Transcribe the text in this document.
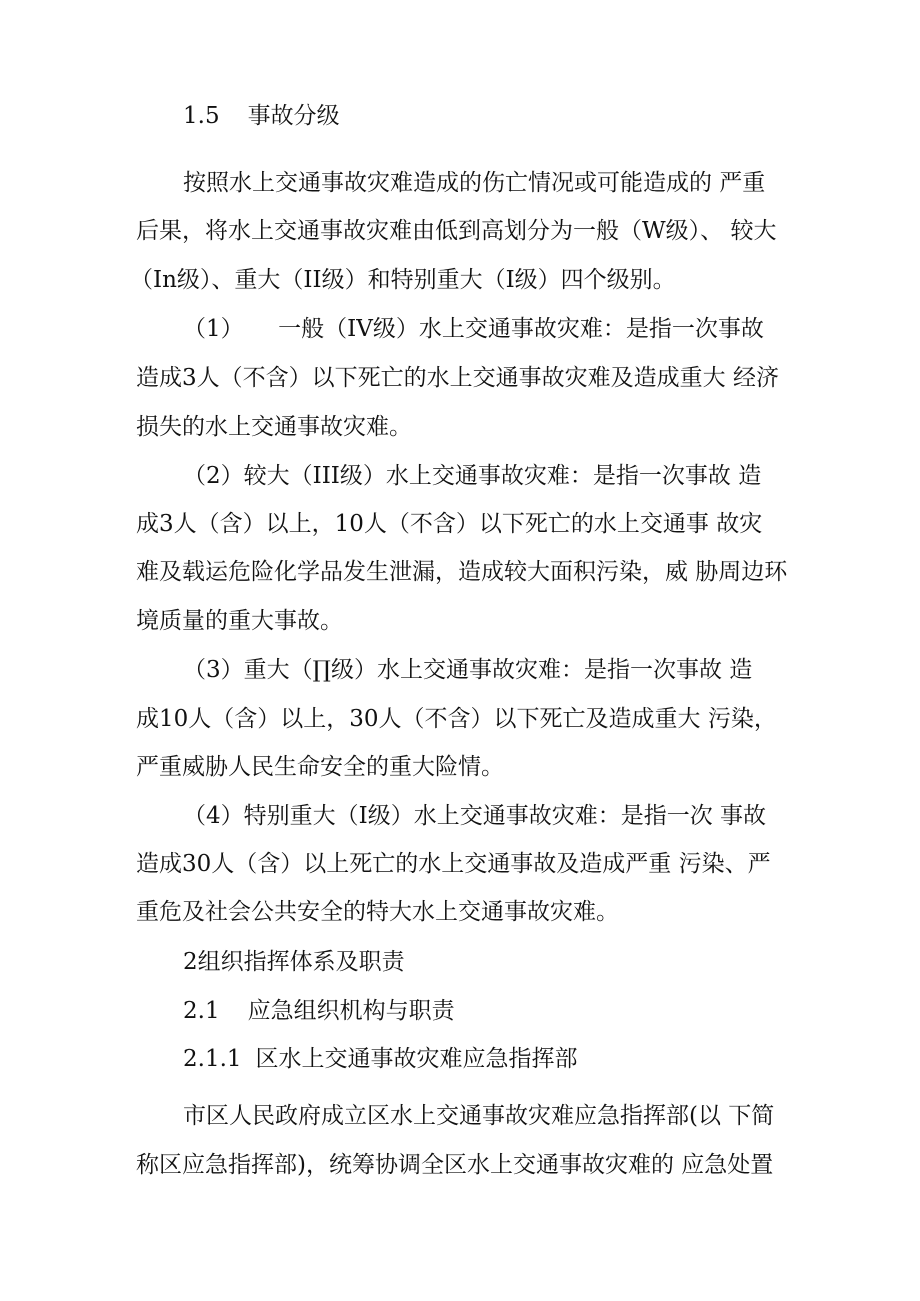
1.5 事故分级
按照水上交通事故灾难造成的伤亡情况或可能造成的 严重
后果，将水上交通事故灾难由低到高划分为一般（W级）、 较大
（In级）、重大（II级）和特别重大（I级）四个级别。
（1）　　一般（IV级）水上交通事故灾难：是指一次事故
造成3人（不含）以下死亡的水上交通事故灾难及造成重大 经济
损失的水上交通事故灾难。
（2）较大（III级）水上交通事故灾难：是指一次事故 造
成3人（含）以上，10人（不含）以下死亡的水上交通事 故灾
难及载运危险化学品发生泄漏，造成较大面积污染，威 胁周边环
境质量的重大事故。
（3）重大（∏级）水上交通事故灾难：是指一次事故 造
成10人（含）以上，30人（不含）以下死亡及造成重大 污染，
严重威胁人民生命安全的重大险情。
（4）特别重大（I级）水上交通事故灾难：是指一次 事故
造成30人（含）以上死亡的水上交通事故及造成严重 污染、严
重危及社会公共安全的特大水上交通事故灾难。
2组织指挥体系及职责
2.1 应急组织机构与职责
2.1.1 区水上交通事故灾难应急指挥部
市区人民政府成立区水上交通事故灾难应急指挥部(以 下简
称区应急指挥部)，统筹协调全区水上交通事故灾难的 应急处置
